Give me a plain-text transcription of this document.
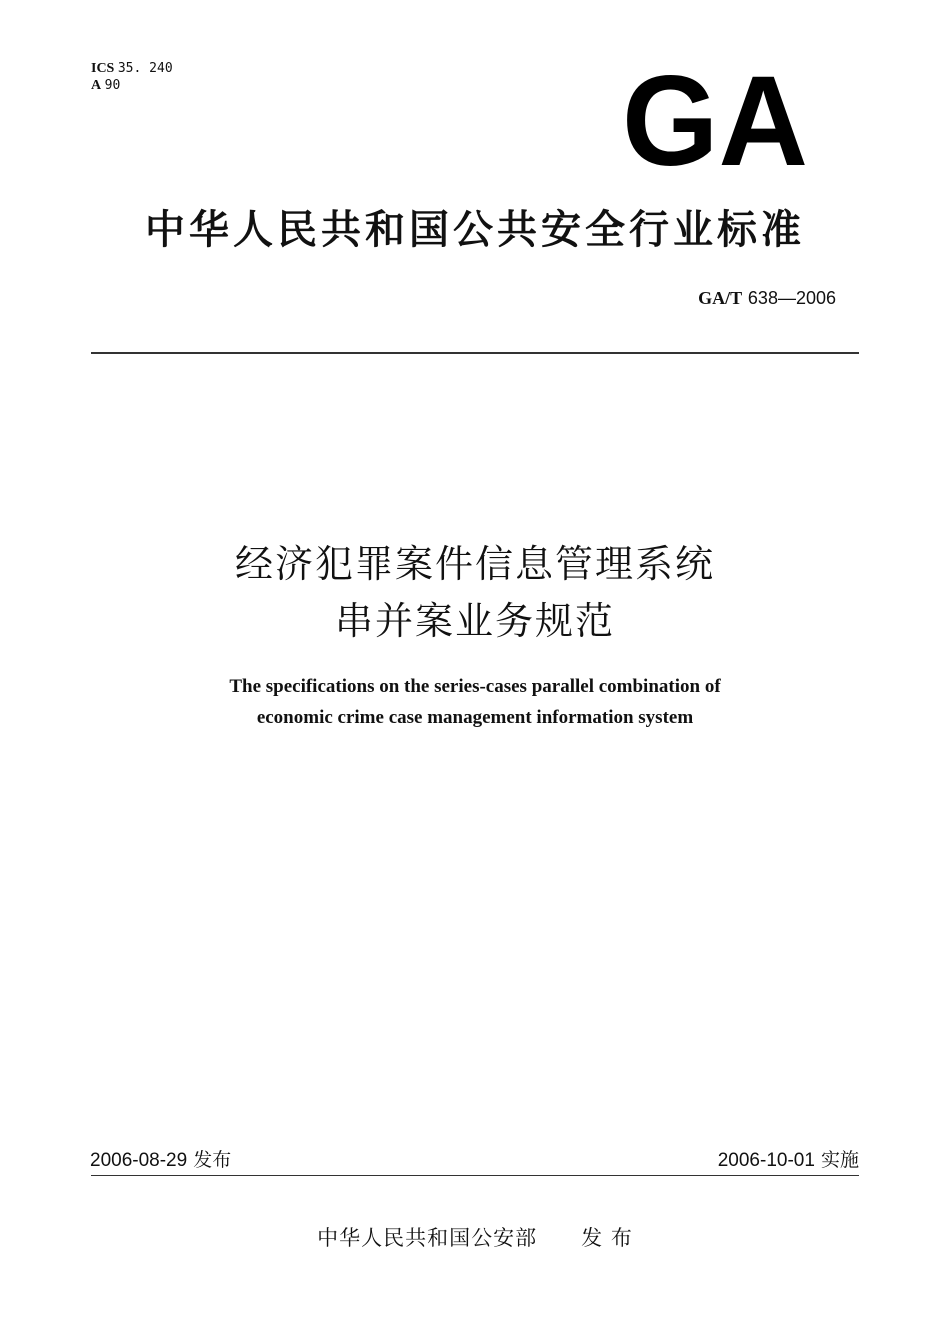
ICS 35. 240
A 90	GA
中华人民共和国公共安全行业标准
GA/T 638—2006
经济犯罪案件信息管理系统
串并案业务规范
The specifications on the series-cases parallel combination of
economic crime case management information system
2006-08-29 发布	2006-10-01 实施
中华人民共和国公安部 发 布
